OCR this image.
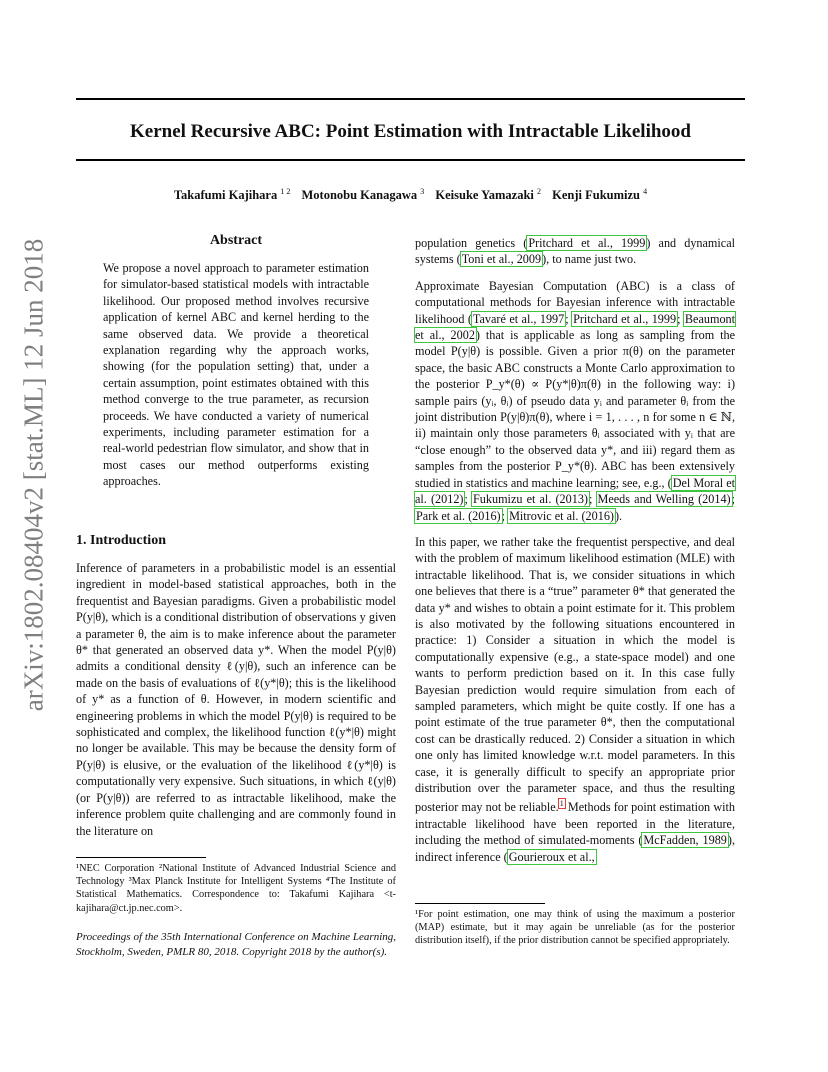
arXiv:1802.08404v2 [stat.ML] 12 Jun 2018
Kernel Recursive ABC: Point Estimation with Intractable Likelihood
Takafumi Kajihara $^{1 2}$ Motonobu Kanagawa $^3$ Keisuke Yamazaki $^2$ Kenji Fukumizu $^4$
Abstract
We propose a novel approach to parameter estimation for simulator-based statistical models with intractable likelihood. Our proposed method involves recursive application of kernel ABC and kernel herding to the same observed data. We provide a theoretical explanation regarding why the approach works, showing (for the population setting) that, under a certain assumption, point estimates obtained with this method converge to the true parameter, as recursion proceeds. We have conducted a variety of numerical experiments, including parameter estimation for a real-world pedestrian flow simulator, and show that in most cases our method outperforms existing approaches.
1. Introduction
Inference of parameters in a probabilistic model is an essential ingredient in model-based statistical approaches, both in the frequentist and Bayesian paradigms. Given a probabilistic model P(y|θ), which is a conditional distribution of observations y given a parameter θ, the aim is to make inference about the parameter θ* that generated an observed data y*. When the model P(y|θ) admits a conditional density ℓ(y|θ), such an inference can be made on the basis of evaluations of ℓ(y*|θ); this is the likelihood of y* as a function of θ. However, in modern scientific and engineering problems in which the model P(y|θ) is required to be sophisticated and complex, the likelihood function ℓ(y*|θ) might no longer be available. This may be because the density form of P(y|θ) is elusive, or the evaluation of the likelihood ℓ(y*|θ) is computationally very expensive. Such situations, in which ℓ(y|θ) (or P(y|θ)) are referred to as intractable likelihood, make the inference problem quite challenging and are commonly found in the literature on
¹NEC Corporation ²National Institute of Advanced Industrial Science and Technology ³Max Planck Institute for Intelligent Systems ⁴The Institute of Statistical Mathematics. Correspondence to: Takafumi Kajihara <t-kajihara@ct.jp.nec.com>.
Proceedings of the 35th International Conference on Machine Learning, Stockholm, Sweden, PMLR 80, 2018. Copyright 2018 by the author(s).

population genetics (Pritchard et al., 1999) and dynamical systems (Toni et al., 2009), to name just two.

Approximate Bayesian Computation (ABC) is a class of computational methods for Bayesian inference with intractable likelihood (Tavaré et al., 1997; Pritchard et al., 1999; Beaumont et al., 2002) that is applicable as long as sampling from the model P(y|θ) is possible. Given a prior π(θ) on the parameter space, the basic ABC constructs a Monte Carlo approximation to the posterior P_y*(θ) ∝ P(y*|θ)π(θ) in the following way: i) sample pairs (yᵢ, θᵢ) of pseudo data yᵢ and parameter θᵢ from the joint distribution P(y|θ)π(θ), where i = 1, . . . , n for some n ∈ ℕ, ii) maintain only those parameters θᵢ associated with yᵢ that are “close enough” to the observed data y*, and iii) regard them as samples from the posterior P_y*(θ). ABC has been extensively studied in statistics and machine learning; see, e.g., (Del Moral et al. (2012); Fukumizu et al. (2013); Meeds and Welling (2014); Park et al. (2016); Mitrovic et al. (2016)).

In this paper, we rather take the frequentist perspective, and deal with the problem of maximum likelihood estimation (MLE) with intractable likelihood. That is, we consider situations in which one believes that there is a “true” parameter θ* that generated the data y* and wishes to obtain a point estimate for it. This problem is also motivated by the following situations encountered in practice: 1) Consider a situation in which the model is computationally expensive (e.g., a state-space model) and one wants to perform prediction based on it. In this case fully Bayesian prediction would require simulation from each of sampled parameters, which might be quite costly. If one has a point estimate of the true parameter θ*, then the computational cost can be drastically reduced. 2) Consider a situation in which one only has limited knowledge w.r.t. model parameters. In this case, it is generally difficult to specify an appropriate prior distribution over the parameter space, and thus the resulting posterior may not be reliable.$^1$ Methods for point estimation with intractable likelihood have been reported in the literature, including the method of simulated-moments (McFadden, 1989), indirect inference (Gourieroux et al.,

¹For point estimation, one may think of using the maximum a posterior (MAP) estimate, but it may again be unreliable (as for the posterior distribution itself), if the prior distribution cannot be specified appropriately.
